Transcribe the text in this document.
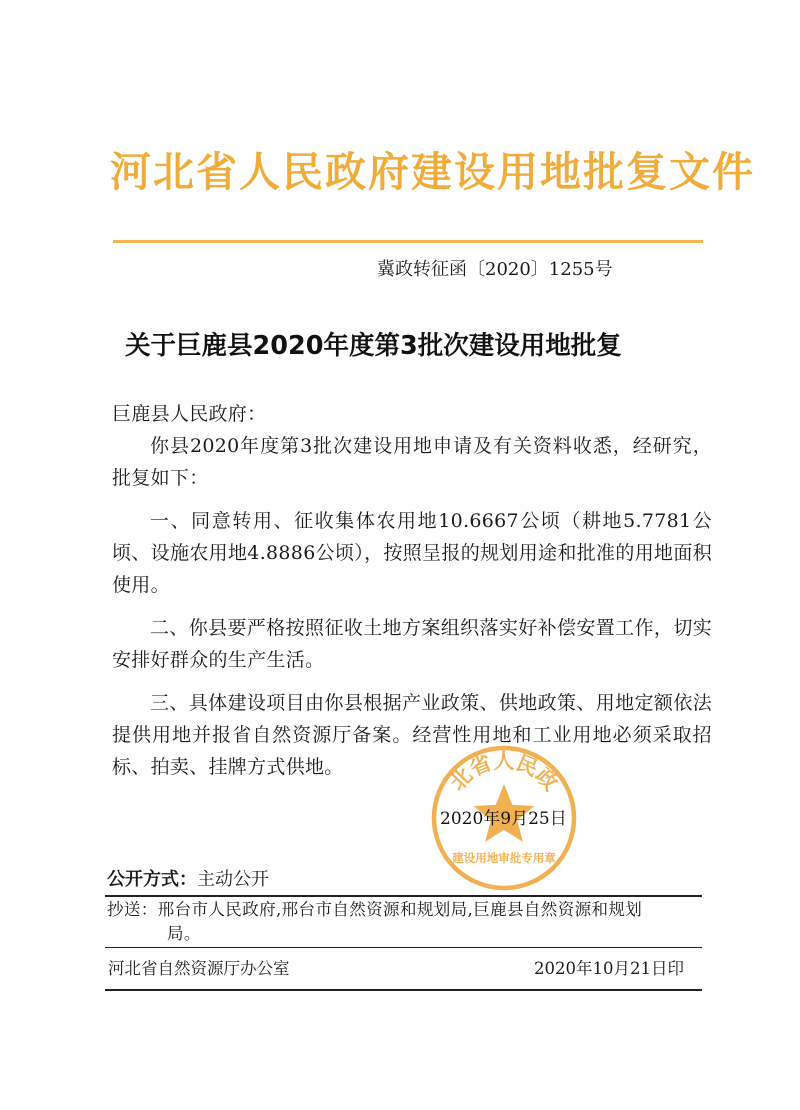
河北省人民政府建设用地批复文件
冀政转征函〔2020〕1255号
关于巨鹿县2020年度第3批次建设用地批复

巨鹿县人民政府：

你县2020年度第3批次建设用地申请及有关资料收悉，经研究，批复如下：

一、同意转用、征收集体农用地10.6667公顷（耕地5.7781公顷、设施农用地4.8886公顷），按照呈报的规划用途和批准的用地面积使用。

二、你县要严格按照征收土地方案组织落实好补偿安置工作，切实安排好群众的生产生活。

三、具体建设项目由你县根据产业政策、供地政策、用地定额依法提供用地并报省自然资源厅备案。经营性用地和工业用地必须采取招标、拍卖、挂牌方式供地。	北省人民政
建设用地审批专用章
2020年9月25日
公开方式：主动公开
抄送：邢台市人民政府,邢台市自然资源和规划局,巨鹿县自然资源和规划
局。
河北省自然资源厅办公室	2020年10月21日印
